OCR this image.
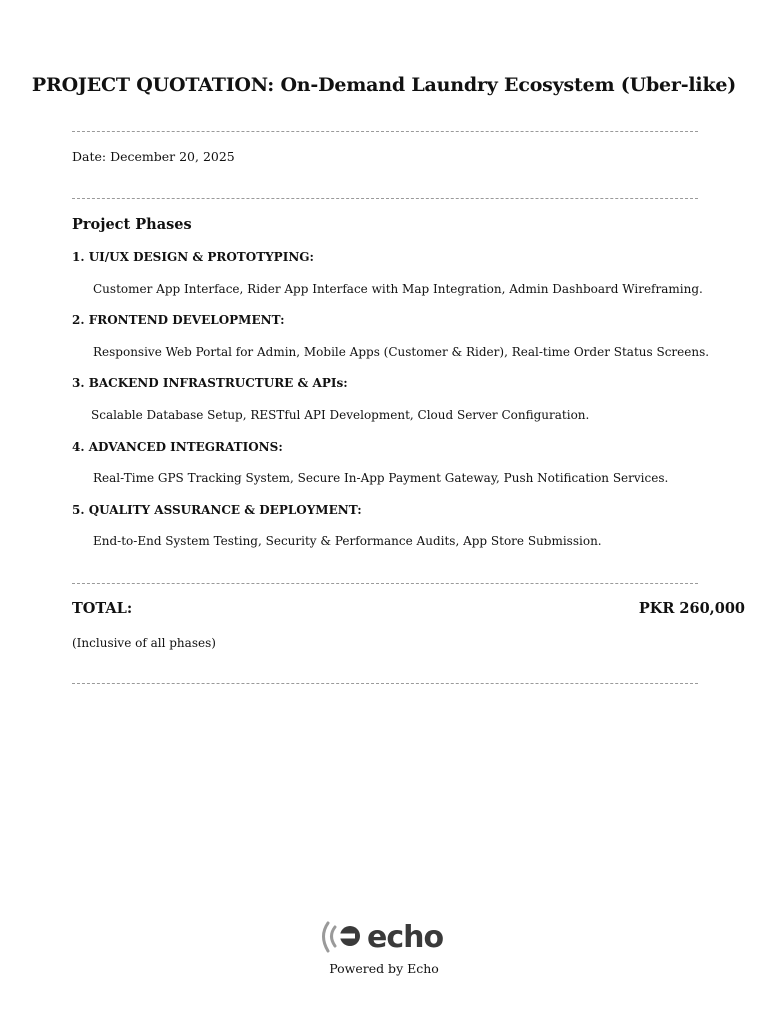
PROJECT QUOTATION: On-Demand Laundry Ecosystem (Uber-like)
Date: December 20, 2025
Project Phases
1. UI/UX DESIGN & PROTOTYPING:
Customer App Interface, Rider App Interface with Map Integration, Admin Dashboard Wireframing.
2. FRONTEND DEVELOPMENT:
Responsive Web Portal for Admin, Mobile Apps (Customer & Rider), Real-time Order Status Screens.
3. BACKEND INFRASTRUCTURE & APIs:
Scalable Database Setup, RESTful API Development, Cloud Server Configuration.
4. ADVANCED INTEGRATIONS:
Real-Time GPS Tracking System, Secure In-App Payment Gateway, Push Notification Services.
5. QUALITY ASSURANCE & DEPLOYMENT:
End-to-End System Testing, Security & Performance Audits, App Store Submission.
TOTAL:	PKR 260,000
(Inclusive of all phases)
echo
Powered by Echo
